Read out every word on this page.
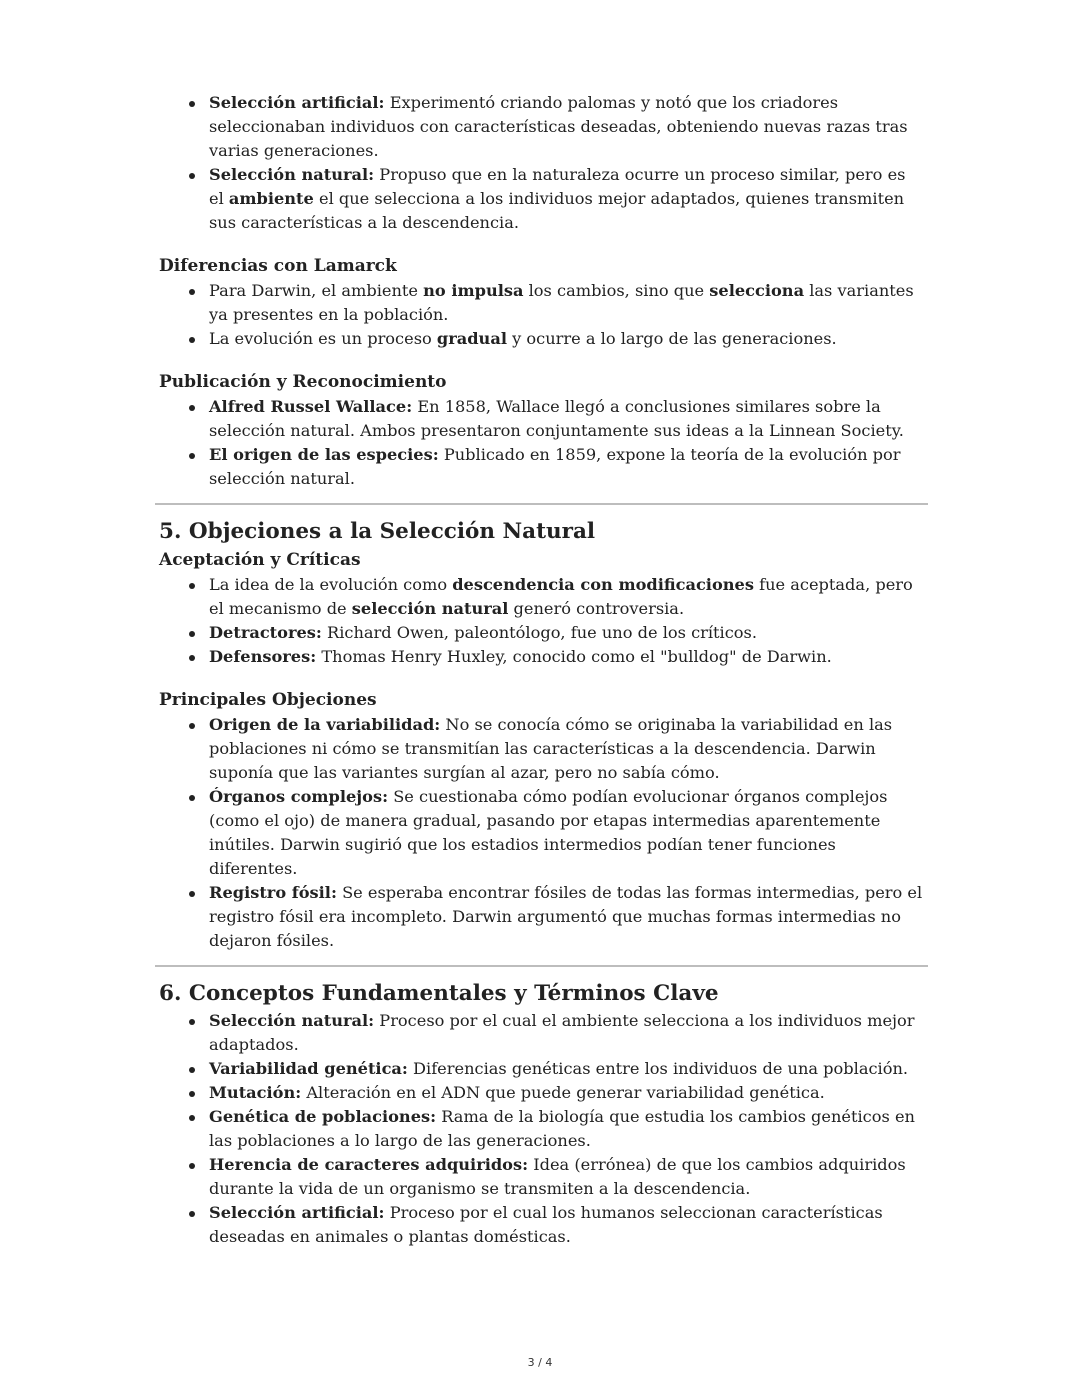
Selección artificial: Experimentó criando palomas y notó que los criadores seleccionaban individuos con características deseadas, obteniendo nuevas razas tras varias generaciones.
Selección natural: Propuso que en la naturaleza ocurre un proceso similar, pero es el ambiente el que selecciona a los individuos mejor adaptados, quienes transmiten sus características a la descendencia.
Diferencias con Lamarck
Para Darwin, el ambiente no impulsa los cambios, sino que selecciona las variantes ya presentes en la población.
La evolución es un proceso gradual y ocurre a lo largo de las generaciones.
Publicación y Reconocimiento
Alfred Russel Wallace: En 1858, Wallace llegó a conclusiones similares sobre la selección natural. Ambos presentaron conjuntamente sus ideas a la Linnean Society.
El origen de las especies: Publicado en 1859, expone la teoría de la evolución por selección natural.
5. Objeciones a la Selección Natural
Aceptación y Críticas
La idea de la evolución como descendencia con modificaciones fue aceptada, pero el mecanismo de selección natural generó controversia.
Detractores: Richard Owen, paleontólogo, fue uno de los críticos.
Defensores: Thomas Henry Huxley, conocido como el "bulldog" de Darwin.
Principales Objeciones
Origen de la variabilidad: No se conocía cómo se originaba la variabilidad en las poblaciones ni cómo se transmitían las características a la descendencia. Darwin suponía que las variantes surgían al azar, pero no sabía cómo.
Órganos complejos: Se cuestionaba cómo podían evolucionar órganos complejos (como el ojo) de manera gradual, pasando por etapas intermedias aparentemente inútiles. Darwin sugirió que los estadios intermedios podían tener funciones diferentes.
Registro fósil: Se esperaba encontrar fósiles de todas las formas intermedias, pero el registro fósil era incompleto. Darwin argumentó que muchas formas intermedias no dejaron fósiles.
6. Conceptos Fundamentales y Términos Clave
Selección natural: Proceso por el cual el ambiente selecciona a los individuos mejor adaptados.
Variabilidad genética: Diferencias genéticas entre los individuos de una población.
Mutación: Alteración en el ADN que puede generar variabilidad genética.
Genética de poblaciones: Rama de la biología que estudia los cambios genéticos en las poblaciones a lo largo de las generaciones.
Herencia de caracteres adquiridos: Idea (errónea) de que los cambios adquiridos durante la vida de un organismo se transmiten a la descendencia.
Selección artificial: Proceso por el cual los humanos seleccionan características deseadas en animales o plantas domésticas.
3 / 4
